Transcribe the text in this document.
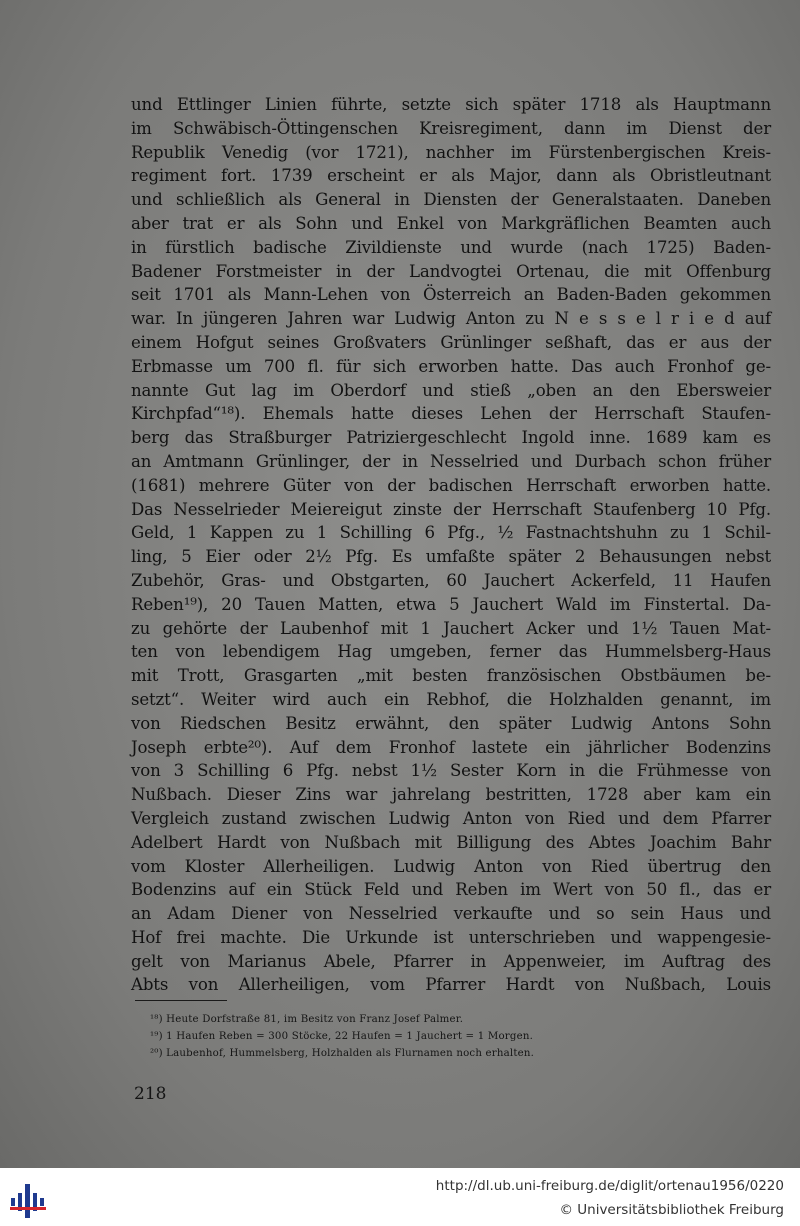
und Ettlinger Linien führte, setzte sich später 1718 als Hauptmann
im Schwäbisch-Öttingenschen Kreisregiment, dann im Dienst der
Republik Venedig (vor 1721), nachher im Fürstenbergischen Kreis-
regiment fort. 1739 erscheint er als Major, dann als Obristleutnant
und schließlich als General in Diensten der Generalstaaten. Daneben
aber trat er als Sohn und Enkel von Markgräflichen Beamten auch
in fürstlich badische Zivildienste und wurde (nach 1725) Baden-
Badener Forstmeister in der Landvogtei Ortenau, die mit Offenburg
seit 1701 als Mann-Lehen von Österreich an Baden-Baden gekommen
war. In jüngeren Jahren war Ludwig Anton zu N e s s e l r i e d auf
einem Hofgut seines Großvaters Grünlinger seßhaft, das er aus der
Erbmasse um 700 fl. für sich erworben hatte. Das auch Fronhof ge-
nannte Gut lag im Oberdorf und stieß „oben an den Ebersweier
Kirchpfad“¹⁸). Ehemals hatte dieses Lehen der Herrschaft Staufen-
berg das Straßburger Patriziergeschlecht Ingold inne. 1689 kam es
an Amtmann Grünlinger, der in Nesselried und Durbach schon früher
(1681) mehrere Güter von der badischen Herrschaft erworben hatte.
Das Nesselrieder Meiereigut zinste der Herrschaft Staufenberg 10 Pfg.
Geld, 1 Kappen zu 1 Schilling 6 Pfg., ½ Fastnachtshuhn zu 1 Schil-
ling, 5 Eier oder 2½ Pfg. Es umfaßte später 2 Behausungen nebst
Zubehör, Gras- und Obstgarten, 60 Jauchert Ackerfeld, 11 Haufen
Reben¹⁹), 20 Tauen Matten, etwa 5 Jauchert Wald im Finstertal. Da-
zu gehörte der Laubenhof mit 1 Jauchert Acker und 1½ Tauen Mat-
ten von lebendigem Hag umgeben, ferner das Hummelsberg-Haus
mit Trott, Grasgarten „mit besten französischen Obstbäumen be-
setzt“. Weiter wird auch ein Rebhof, die Holzhalden genannt, im
von Riedschen Besitz erwähnt, den später Ludwig Antons Sohn
Joseph erbte²⁰). Auf dem Fronhof lastete ein jährlicher Bodenzins
von 3 Schilling 6 Pfg. nebst 1½ Sester Korn in die Frühmesse von
Nußbach. Dieser Zins war jahrelang bestritten, 1728 aber kam ein
Vergleich zustand zwischen Ludwig Anton von Ried und dem Pfarrer
Adelbert Hardt von Nußbach mit Billigung des Abtes Joachim Bahr
vom Kloster Allerheiligen. Ludwig Anton von Ried übertrug den
Bodenzins auf ein Stück Feld und Reben im Wert von 50 fl., das er
an Adam Diener von Nesselried verkaufte und so sein Haus und
Hof frei machte. Die Urkunde ist unterschrieben und wappengesie-
gelt von Marianus Abele, Pfarrer in Appenweier, im Auftrag des
Abts von Allerheiligen, vom Pfarrer Hardt von Nußbach, Louis
¹⁸) Heute Dorfstraße 81, im Besitz von Franz Josef Palmer.
¹⁹) 1 Haufen Reben = 300 Stöcke, 22 Haufen = 1 Jauchert = 1 Morgen.
²⁰) Laubenhof, Hummelsberg, Holzhalden als Flurnamen noch erhalten.
218
http://dl.ub.uni-freiburg.de/diglit/ortenau1956/0220
© Universitätsbibliothek Freiburg
